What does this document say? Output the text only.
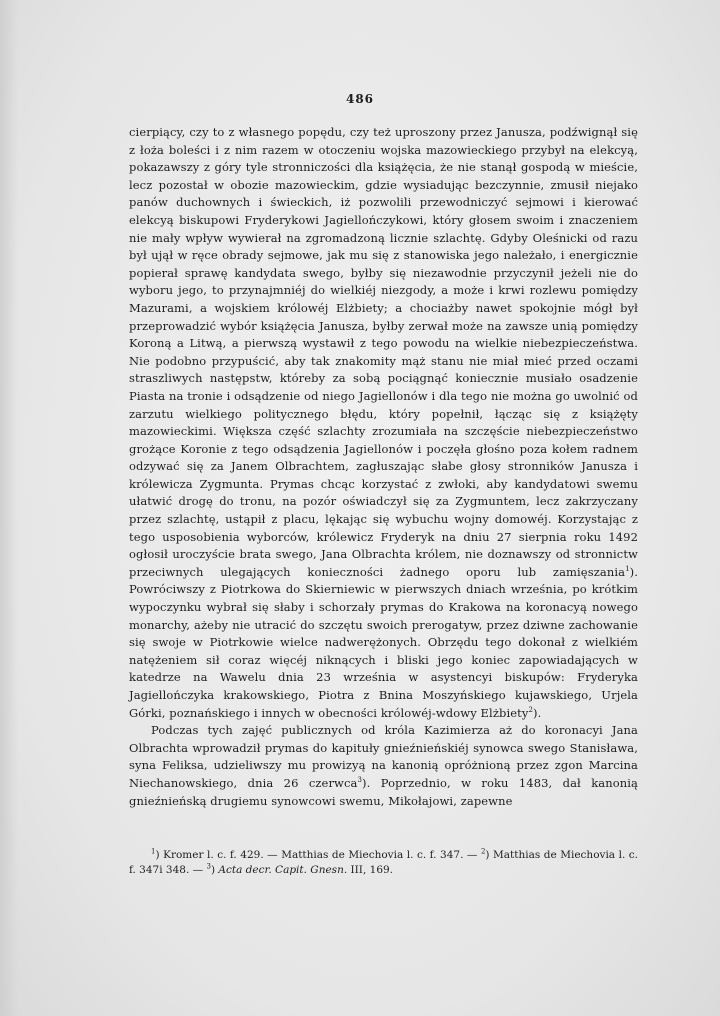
486

cierpiący, czy to z własnego popędu, czy też uproszony przez Janusza, podźwignął się z łoża boleści i z nim razem w otoczeniu wojska mazowieckiego przybył na elekcyą, pokazawszy z góry tyle stronniczości dla książęcia, że nie stanął gospodą w mieście, lecz pozostał w obozie mazowieckim, gdzie wysiadując bezczynnie, zmusił niejako panów duchownych i świeckich, iż pozwolili przewodniczyć sejmowi i kierować elekcyą biskupowi Fryderykowi Jagiellończykowi, który głosem swoim i znaczeniem nie mały wpływ wywierał na zgromadzoną licznie szlachtę. Gdyby Oleśnicki od razu był ujął w ręce obrady sejmowe, jak mu się z stanowiska jego należało, i energicznie popierał sprawę kandydata swego, byłby się niezawodnie przyczynił jeżeli nie do wyboru jego, to przynajmniéj do wielkiéj niezgody, a może i krwi rozlewu pomiędzy Mazurami, a wojskiem królowéj Elżbiety; a chociażby nawet spokojnie mógł był przeprowadzić wybór książęcia Janusza, byłby zerwał może na zawsze unią pomiędzy Koroną a Litwą, a pierwszą wystawił z tego powodu na wielkie niebezpieczeństwa. Nie podobno przypuścić, aby tak znakomity mąż stanu nie miał mieć przed oczami straszliwych następstw, któreby za sobą pociągnąć koniecznie musiało osadzenie Piasta na tronie i odsądzenie od niego Jagiellonów i dla tego nie można go uwolnić od zarzutu wielkiego politycznego błędu, który popełnił, łącząc się z książęty mazowieckimi. Większa część szlachty zrozumiała na szczęście niebezpieczeństwo grożące Koronie z tego odsądzenia Jagiellonów i poczęła głośno poza kołem radnem odzywać się za Janem Olbrachtem, zagłuszając słabe głosy stronników Janusza i królewicza Zygmunta. Prymas chcąc korzystać z zwłoki, aby kandydatowi swemu ułatwić drogę do tronu, na pozór oświadczył się za Zygmuntem, lecz zakrzyczany przez szlachtę, ustąpił z placu, lękając się wybuchu wojny domowéj. Korzystając z tego usposobienia wyborców, królewicz Fryderyk na dniu 27 sierpnia roku 1492 ogłosił uroczyście brata swego, Jana Olbrachta królem, nie doznawszy od stronnictw przeciwnych ulegających konieczności żadnego oporu lub zamięszania$^1$). Powróciwszy z Piotrkowa do Skierniewic w pierwszych dniach września, po krótkim wypoczynku wybrał się słaby i schorzały prymas do Krakowa na koronacyą nowego monarchy, ażeby nie utracić do szczętu swoich prerogatyw, przez dziwne zachowanie się swoje w Piotrkowie wielce nadwerężonych. Obrzędu tego dokonał z wielkiém natężeniem sił coraz więcéj niknących i bliski jego koniec zapowiadających w katedrze na Wawelu dnia 23 września w asystencyi biskupów: Fryderyka Jagiellończyka krakowskiego, Piotra z Bnina Moszyńskiego kujawskiego, Urjela Górki, poznańskiego i innych w obecności królowéj-wdowy Elżbiety$^2$).

Podczas tych zajęć publicznych od króla Kazimierza aż do koronacyi Jana Olbrachta wprowadził prymas do kapituły gnieźnieńskiéj synowca swego Stanisława, syna Feliksa, udzieliwszy mu prowizyą na kanonią opróżnioną przez zgon Marcina Niechanowskiego, dnia 26 czerwca$^3$). Poprzednio, w roku 1483, dał kanonią gnieźnieńską drugiemu synowcowi swemu, Mikołajowi, zapewne

$^1$) Kromer l. c. f. 429. — Matthias de Miechovia l. c. f. 347. — $^2$) Matthias de Miechovia l. c. f. 347i 348. — $^3$) Acta decr. Capit. Gnesn. III, 169.
